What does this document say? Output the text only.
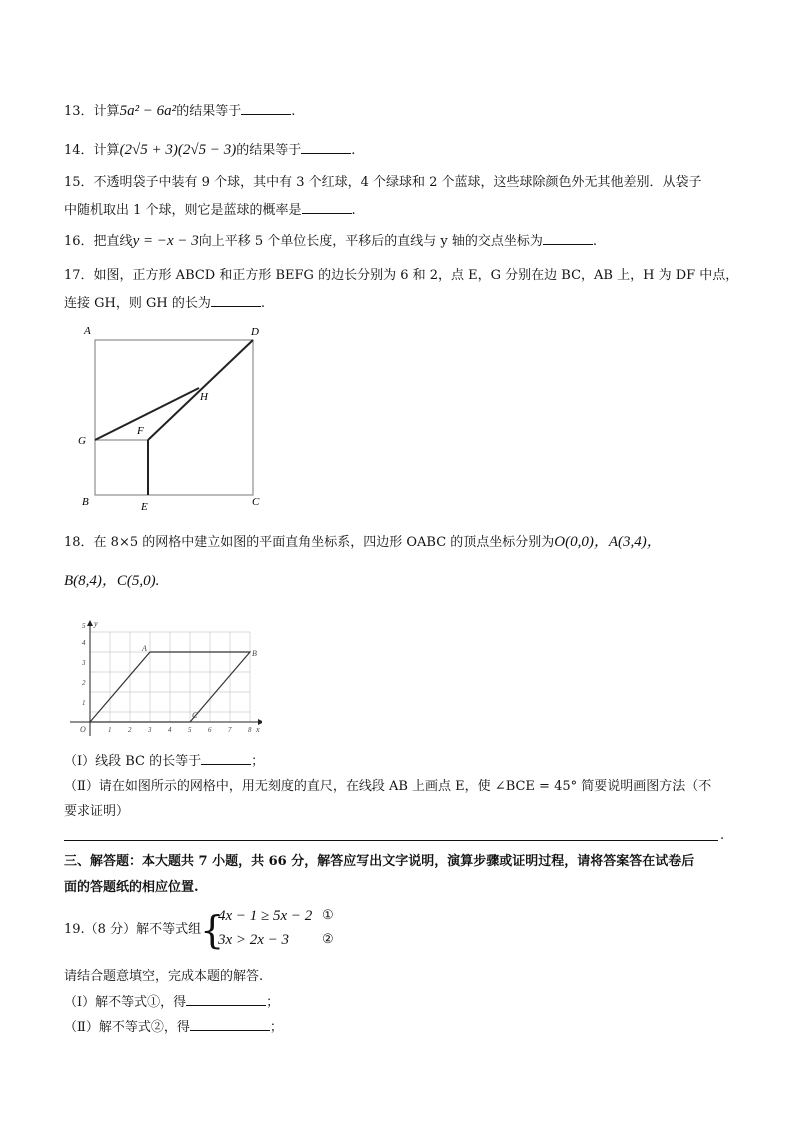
13．计算5a² − 6a²的结果等于	.
14．计算(2√5 + 3)(2√5 − 3)的结果等于	.
15．不透明袋子中装有 9 个球，其中有 3 个红球，4 个绿球和 2 个蓝球，这些球除颜色外无其他差别．从袋子
中随机取出 1 个球，则它是蓝球的概率是	.
16．把直线y = −x − 3向上平移 5 个单位长度，平移后的直线与 y 轴的交点坐标为	.
17．如图，正方形 ABCD 和正方形 BEFG 的边长分别为 6 和 2，点 E，G 分别在边 BC，AB 上，H 为 DF 中点，
连接 GH，则 GH 的长为	.
A	D
H
G
F
B	E	C
18．在 8×5 的网格中建立如图的平面直角坐标系，四边形 OABC 的顶点坐标分别为O(0,0)，A(3,4)，
B(8,4)，C(5,0).
1 2 3 4 5 6 7 8
1
2
3
4
5 y
x
O
A
B
C
（Ⅰ）线段 BC 的长等于	；
（Ⅱ）请在如图所示的网格中，用无刻度的直尺，在线段 AB 上画点 E，使 ∠BCE = 45° 简要说明画图方法（不
要求证明）
.
三、解答题：本大题共 7 小题，共 66 分，解答应写出文字说明，演算步骤或证明过程，请将答案答在试卷后
面的答题纸的相应位置.
19.（8 分）解不等式组
{
4x − 1 ≥ 5x − 2 ①
3x > 2x − 3	②
请结合题意填空，完成本题的解答.
（Ⅰ）解不等式①，得	；
（Ⅱ）解不等式②，得	；
